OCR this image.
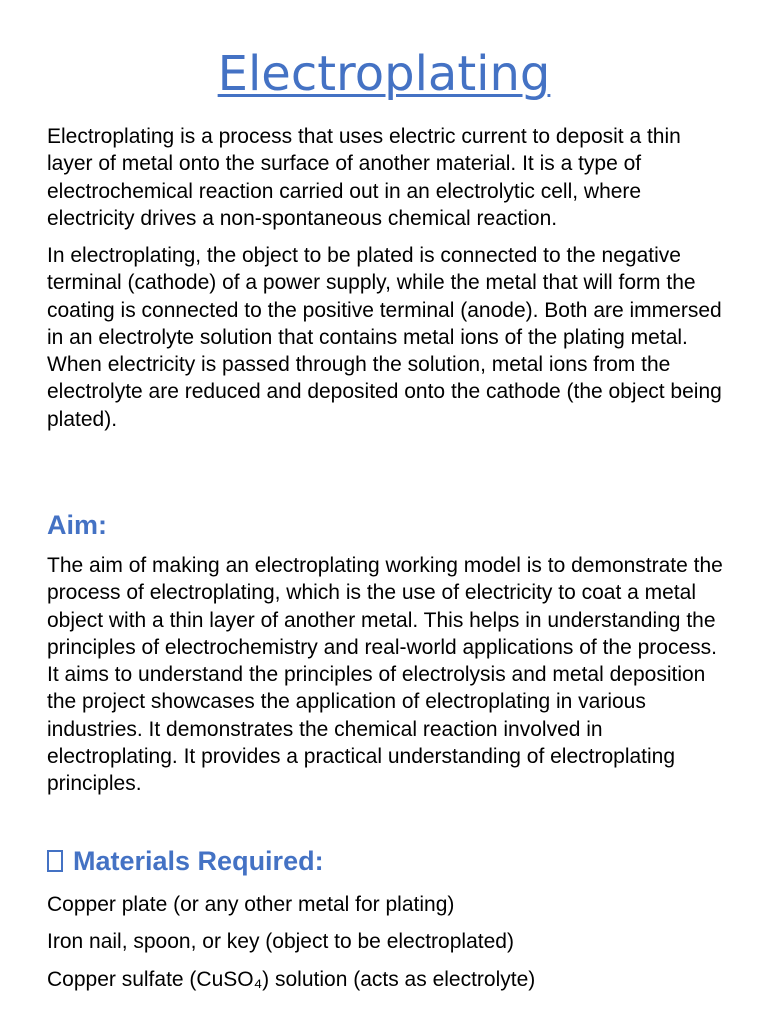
Electroplating

Electroplating is a process that uses electric current to deposit a thin layer of metal onto the surface of another material. It is a type of electrochemical reaction carried out in an electrolytic cell, where electricity drives a non-spontaneous chemical reaction.

In electroplating, the object to be plated is connected to the negative terminal (cathode) of a power supply, while the metal that will form the coating is connected to the positive terminal (anode). Both are immersed in an electrolyte solution that contains metal ions of the plating metal. When electricity is passed through the solution, metal ions from the electrolyte are reduced and deposited onto the cathode (the object being plated).

Aim:

The aim of making an electroplating working model is to demonstrate the process of electroplating, which is the use of electricity to coat a metal object with a thin layer of another metal. This helps in understanding the principles of electrochemistry and real-world applications of the process. It aims to understand the principles of electrolysis and metal deposition the project showcases the application of electroplating in various industries. It demonstrates the chemical reaction involved in electroplating. It provides a practical understanding of electroplating principles.

Materials Required:

Copper plate (or any other metal for plating)

Iron nail, spoon, or key (object to be electroplated)

Copper sulfate (CuSO₄) solution (acts as electrolyte)
